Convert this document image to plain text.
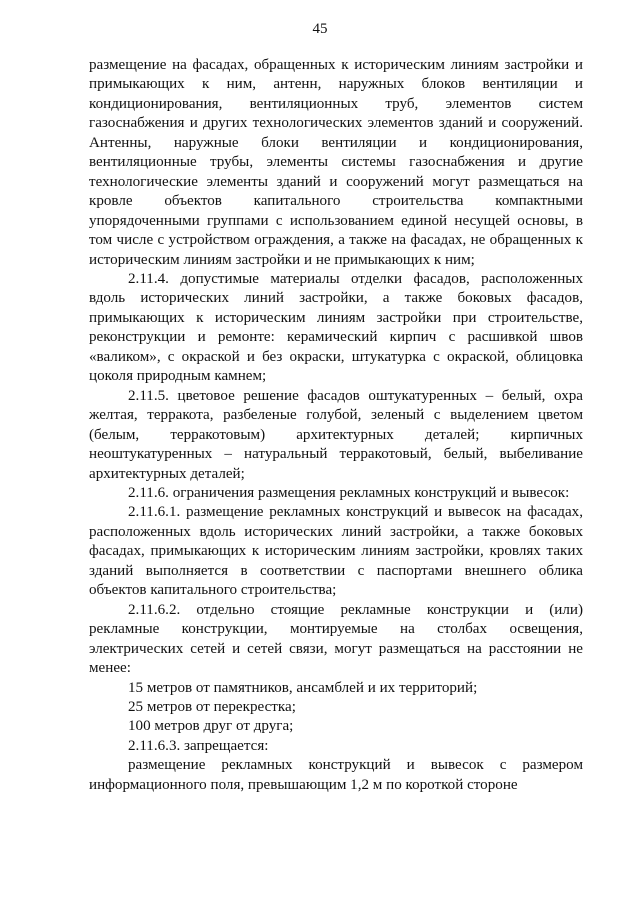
45

размещение на фасадах, обращенных к историческим линиям застройки и примыкающих к ним, антенн, наружных блоков вентиляции и кондиционирования, вентиляционных труб, элементов систем газоснабжения и других технологических элементов зданий и сооружений. Антенны, наружные блоки вентиляции и кондиционирования, вентиляционные трубы, элементы системы газоснабжения и другие технологические элементы зданий и сооружений могут размещаться на кровле объектов капитального строительства компактными упорядоченными группами с использованием единой несущей основы, в том числе с устройством ограждения, а также на фасадах, не обращенных к историческим линиям застройки и не примыкающих к ним;

2.11.4. допустимые материалы отделки фасадов, расположенных вдоль исторических линий застройки, а также боковых фасадов, примыкающих к историческим линиям застройки при строительстве, реконструкции и ремонте: керамический кирпич с расшивкой швов «валиком», с окраской и без окраски, штукатурка с окраской, облицовка цоколя природным камнем;

2.11.5. цветовое решение фасадов оштукатуренных – белый, охра желтая, терракота, разбеленые голубой, зеленый с выделением цветом (белым, терракотовым) архитектурных деталей; кирпичных неоштукатуренных – натуральный терракотовый, белый, выбеливание архитектурных деталей;

2.11.6. ограничения размещения рекламных конструкций и вывесок:

2.11.6.1. размещение рекламных конструкций и вывесок на фасадах, расположенных вдоль исторических линий застройки, а также боковых фасадах, примыкающих к историческим линиям застройки, кровлях таких зданий выполняется в соответствии с паспортами внешнего облика объектов капитального строительства;

2.11.6.2. отдельно стоящие рекламные конструкции и (или) рекламные конструкции, монтируемые на столбах освещения, электрических сетей и сетей связи, могут размещаться на расстоянии не менее:

15 метров от памятников, ансамблей и их территорий;

25 метров от перекрестка;

100 метров друг от друга;

2.11.6.3. запрещается:

размещение рекламных конструкций и вывесок с размером информационного поля, превышающим 1,2 м по короткой стороне
